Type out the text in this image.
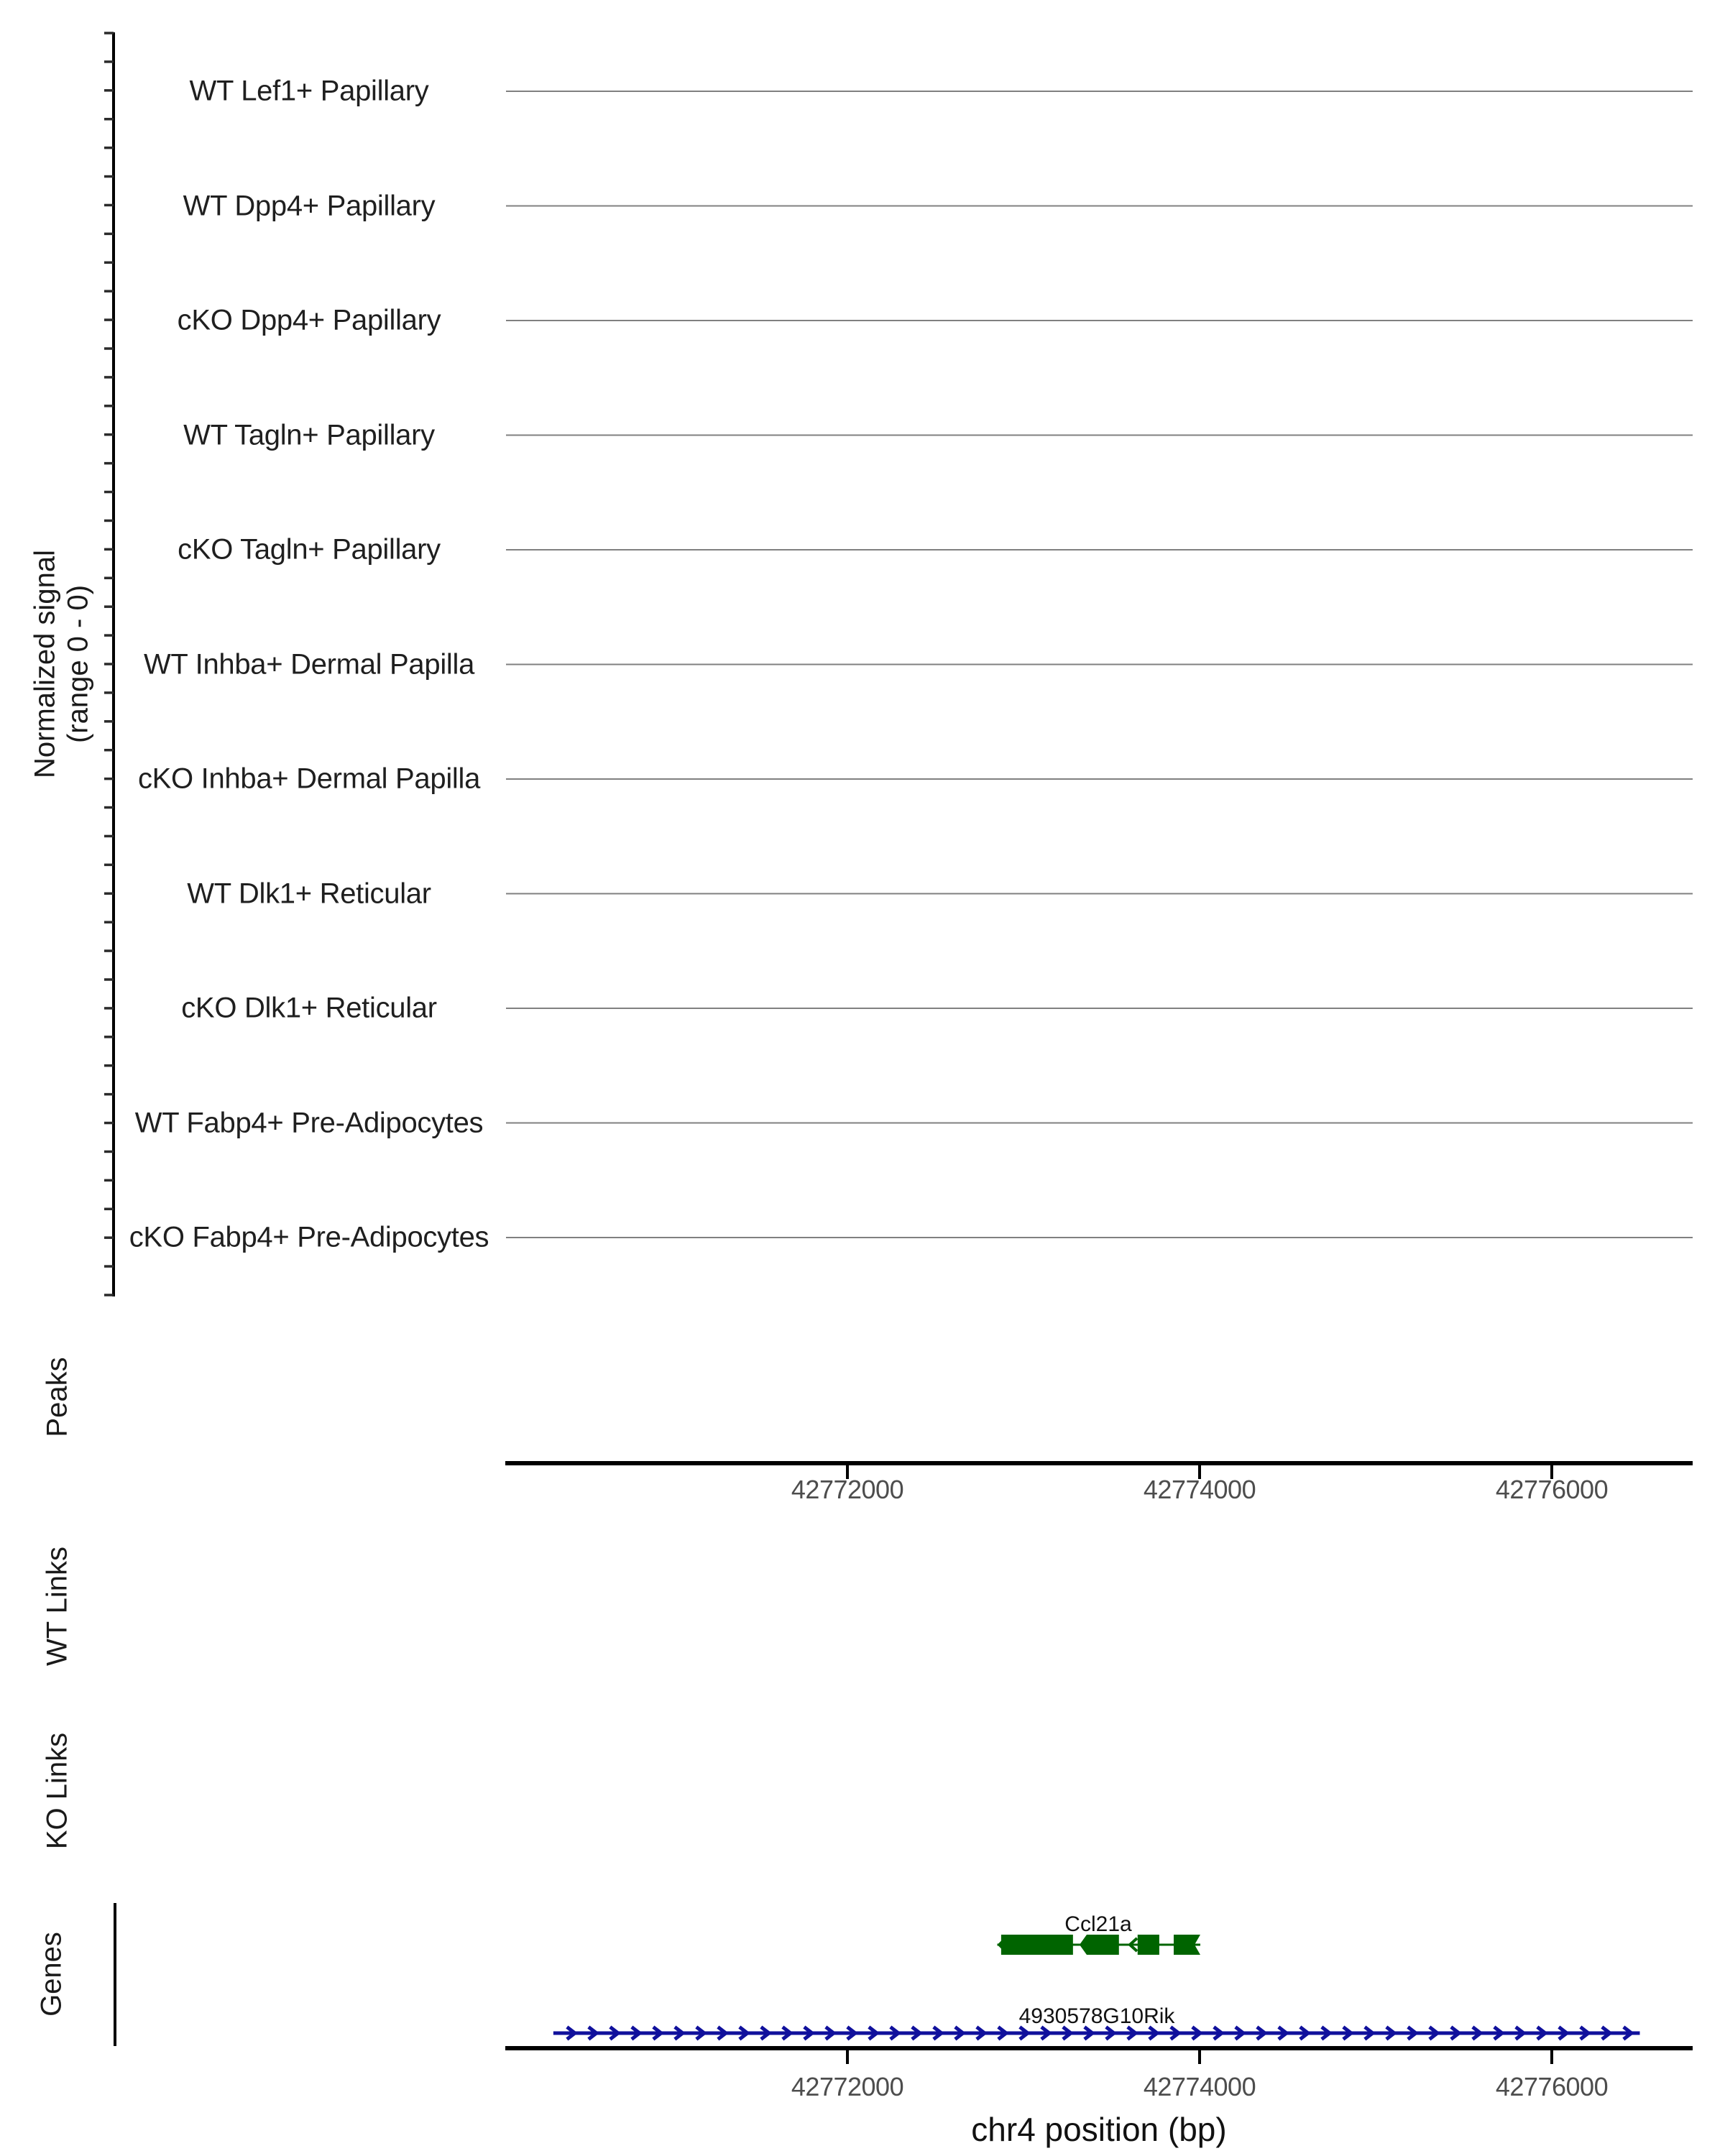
Normalized signal (range 0 - 0)
WT Lef1+ Papillary
WT Dpp4+ Papillary
cKO Dpp4+ Papillary
WT Tagln+ Papillary
cKO Tagln+ Papillary
WT Inhba+ Dermal Papilla
cKO Inhba+ Dermal Papilla
WT Dlk1+ Reticular
cKO Dlk1+ Reticular
WT Fabp4+ Pre-Adipocytes
cKO Fabp4+ Pre-Adipocytes
Peaks
WT Links
KO Links
Genes
42772000	42774000	42776000
42772000	42774000	42776000
Ccl21a
4930578G10Rik
chr4 position (bp)
